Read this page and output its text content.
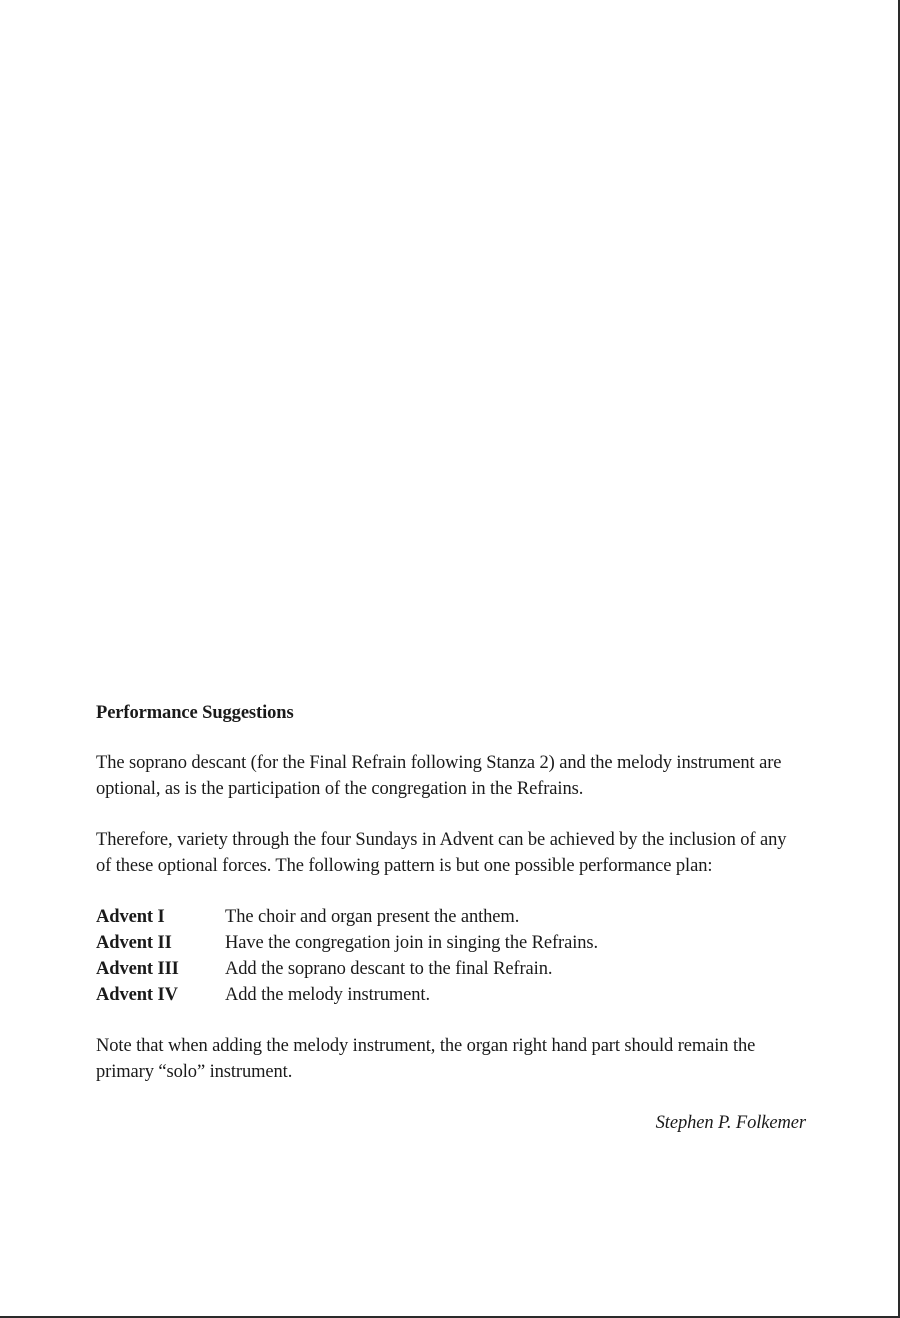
Performance Suggestions

The soprano descant (for the Final Refrain following Stanza 2) and the melody instrument are optional, as is the participation of the congregation in the Refrains.

Therefore, variety through the four Sundays in Advent can be achieved by the inclusion of any of these optional forces. The following pattern is but one possible performance plan:

Advent I	The choir and organ present the anthem.
Advent II	Have the congregation join in singing the Refrains.
Advent III	Add the soprano descant to the final Refrain.
Advent IV	Add the melody instrument.

Note that when adding the melody instrument, the organ right hand part should remain the primary “solo” instrument.

Stephen P. Folkemer
